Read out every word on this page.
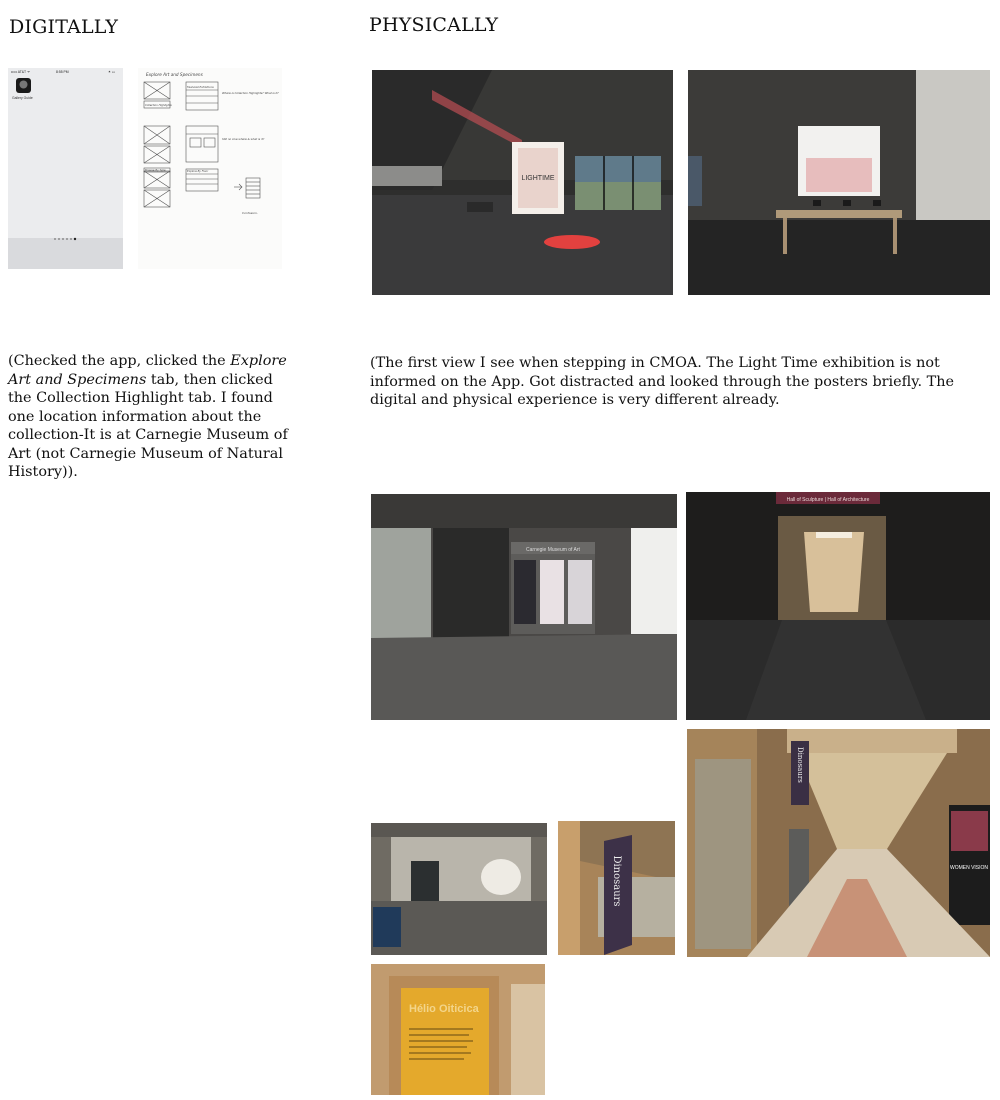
DIGITALLY
••••• AT&T ᯤ	8:55 PM	✶ ▭
Gallery Guide
Explore Art and Specimens
Collection Highlights
Featured Exhibitions
Browse By Type	Explore By Floor
Where is Collection Highlights? What is it?
Still no clue where & what is it?
Confusion.

(Checked the app, clicked the Explore Art and Specimens tab, then clicked the Collection Highlight tab. I found one location information about the collection-It is at Carnegie Museum of Art (not Carnegie Museum of Natural History)).

PHYSICALLY
LIGHTIME

(The first view I see when stepping in CMOA. The Light Time exhibition is not informed on the App. Got distracted and looked through the posters briefly. The digital and physical experience is very different already.

Carnegie Museum of Art
Hall of Sculpture | Hall of Architecture
Dinosaurs
Dinosaurs
WOMEN VISION
Hélio Oiticica
